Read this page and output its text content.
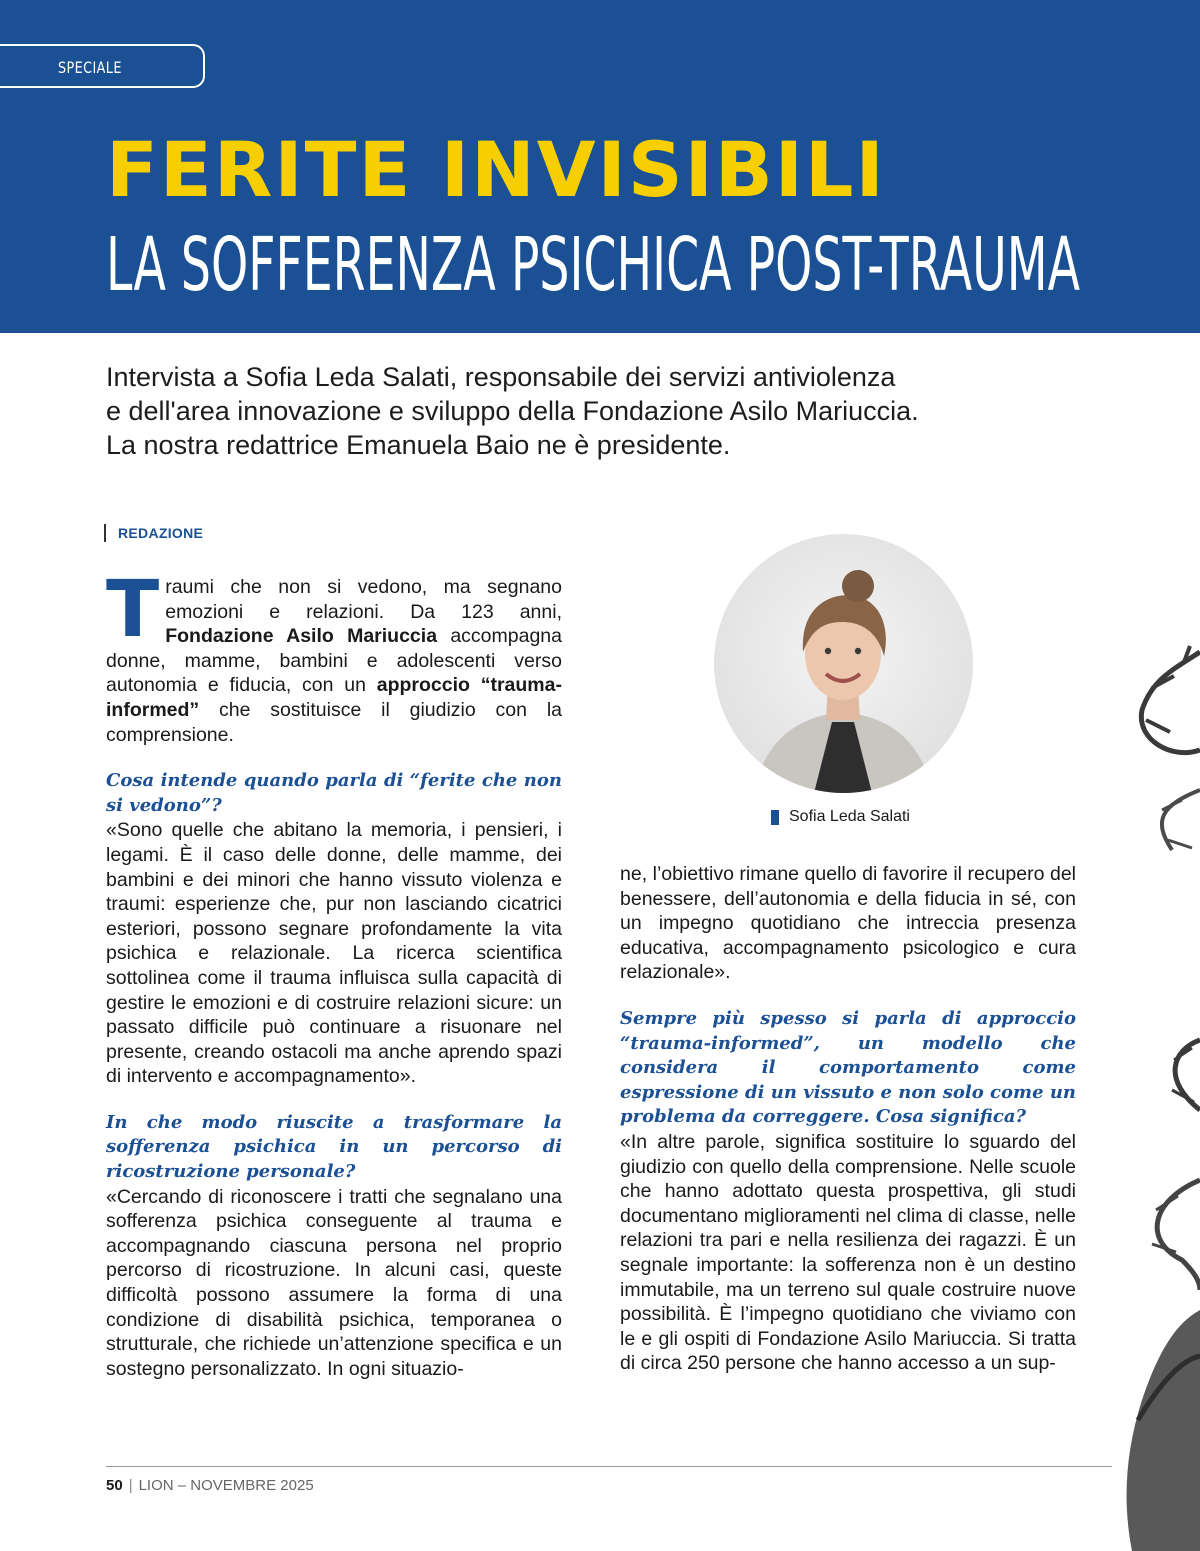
SPECIALE
FERITE INVISIBILI
LA SOFFERENZA PSICHICA POST-TRAUMA
Intervista a Sofia Leda Salati, responsabile dei servizi antiviolenza
e dell'area innovazione e sviluppo della Fondazione Asilo Mariuccia.
La nostra redattrice Emanuela Baio ne è presidente.
REDAZIONE

Traumi che non si vedono, ma segnano emozioni e relazioni. Da 123 anni, Fondazione Asilo Mariuccia accompagna donne, mamme, bambini e adolescenti verso autonomia e fiducia, con un approccio “trauma-informed” che sostituisce il giudizio con la comprensione.

Cosa intende quando parla di “ferite che non si vedono”?

«Sono quelle che abitano la memoria, i pensieri, i legami. È il caso delle donne, delle mamme, dei bambini e dei minori che hanno vissuto violenza e traumi: esperienze che, pur non lasciando cicatrici esteriori, possono segnare profondamente la vita psichica e relazionale. La ricerca scientifica sottolinea come il trauma influisca sulla capacità di gestire le emozioni e di costruire relazioni sicure: un passato difficile può continuare a risuonare nel presente, creando ostacoli ma anche aprendo spazi di intervento e accompagnamento».

In che modo riuscite a trasformare la sofferenza psichica in un percorso di ricostruzione personale?

«Cercando di riconoscere i tratti che segnalano una sofferenza psichica conseguente al trauma e accompagnando ciascuna persona nel proprio percorso di ricostruzione. In alcuni casi, queste difficoltà possono assumere la forma di una condizione di disabilità psichica, temporanea o strutturale, che richiede un’attenzione specifica e un sostegno personalizzato. In ogni situazio-

Sofia Leda Salati

ne, l’obiettivo rimane quello di favorire il recupero del benessere, dell’autonomia e della fiducia in sé, con un impegno quotidiano che intreccia presenza educativa, accompagnamento psicologico e cura relazionale».

Sempre più spesso si parla di approccio “trauma-informed”, un modello che considera il comportamento come espressione di un vissuto e non solo come un problema da correggere. Cosa significa?

«In altre parole, significa sostituire lo sguardo del giudizio con quello della comprensione. Nelle scuole che hanno adottato questa prospettiva, gli studi documentano miglioramenti nel clima di classe, nelle relazioni tra pari e nella resilienza dei ragazzi. È un segnale importante: la sofferenza non è un destino immutabile, ma un terreno sul quale costruire nuove possibilità. È l’impegno quotidiano che viviamo con le e gli ospiti di Fondazione Asilo Mariuccia. Si tratta di circa 250 persone che hanno accesso a un sup-

50 | LION – NOVEMBRE 2025
